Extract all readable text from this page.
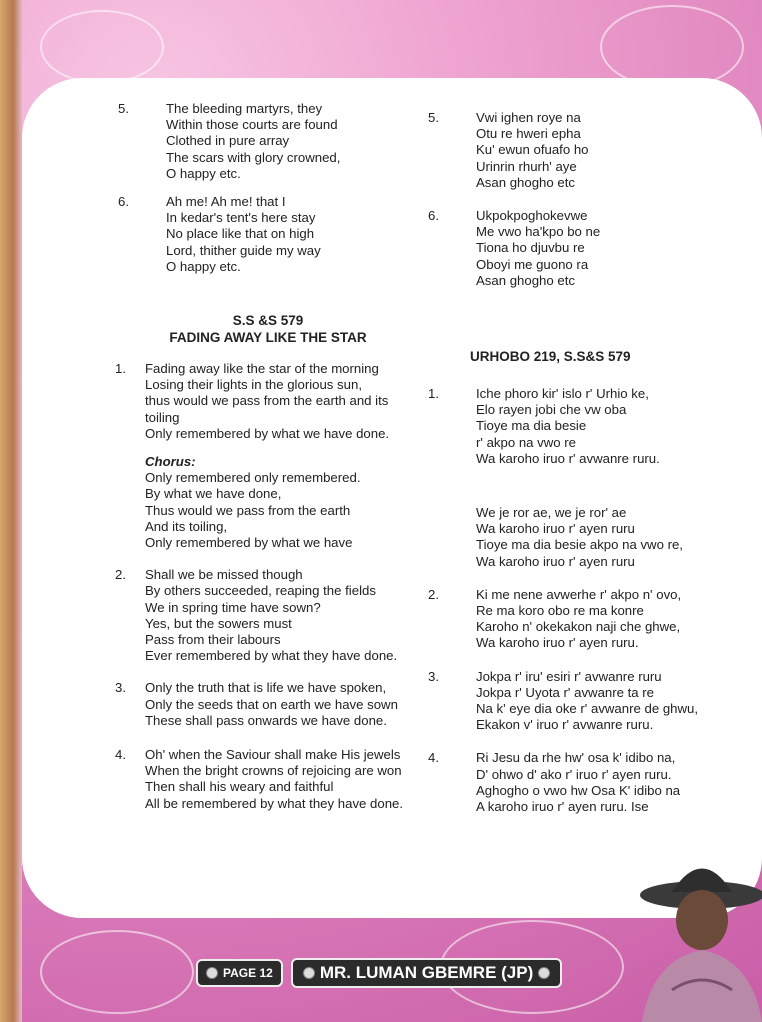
5.	The bleeding martyrs, they
Within those courts are found
Clothed in pure array
The scars with glory crowned,
O happy etc.
6.	Ah me! Ah me! that I
In kedar's tent's here stay
No place like that on high
Lord, thither guide my way
O happy etc.
S.S &S 579
FADING AWAY LIKE THE STAR
1.	Fading away like the star of the morning
Losing their lights in the glorious sun,
thus would we pass from the earth and its toiling
Only remembered by what we have done.
Chorus:
Only remembered only remembered.
By what we have done,
Thus would we pass from the earth
And its toiling,
Only remembered by what we have
2.	Shall we be missed though
By others succeeded, reaping the fields
We in spring time have sown?
Yes, but the sowers must
Pass from their labours
Ever remembered by what they have done.
3.	Only the truth that is life we have spoken,
Only the seeds that on earth we have sown
These shall pass onwards we have done.
4.	Oh' when the Saviour shall make His jewels
When the bright crowns of rejoicing are won
Then shall his weary and faithful
All be remembered by what they have done.
5.	Vwi ighen roye na
Otu re hweri epha
Ku' ewun ofuafo ho
Urinrin rhurh' aye
Asan ghogho etc
6.	Ukpokpoghokevwe
Me vwo ha'kpo bo ne
Tiona ho djuvbu re
Oboyi me guono ra
Asan ghogho etc
URHOBO 219, S.S&S 579
1.	Iche phoro kir' islo r' Urhio ke,
Elo rayen jobi che vw oba
Tioye ma dia besie
r' akpo na vwo re
Wa karoho iruo r' avwanre ruru.
We je ror ae, we je ror' ae
Wa karoho iruo r' ayen ruru
Tioye ma dia besie akpo na vwo re,
Wa karoho iruo r' ayen ruru
2.	Ki me nene avwerhe r' akpo n' ovo,
Re ma koro obo re ma konre
Karoho n' okekakon naji che ghwe,
Wa karoho iruo r' ayen ruru.
3.	Jokpa r' iru' esiri r' avwanre ruru
Jokpa r' Uyota r' avwanre ta re
Na k' eye dia oke r' avwanre de ghwu,
Ekakon v' iruo r' avwanre ruru.
4.	Ri Jesu da rhe hw' osa k' idibo na,
D' ohwo d' ako r' iruo r' ayen ruru.
Aghogho o vwo hw Osa K' idibo na
A karoho iruo r' ayen ruru. Ise
PAGE 12	MR. LUMAN GBEMRE (JP)
